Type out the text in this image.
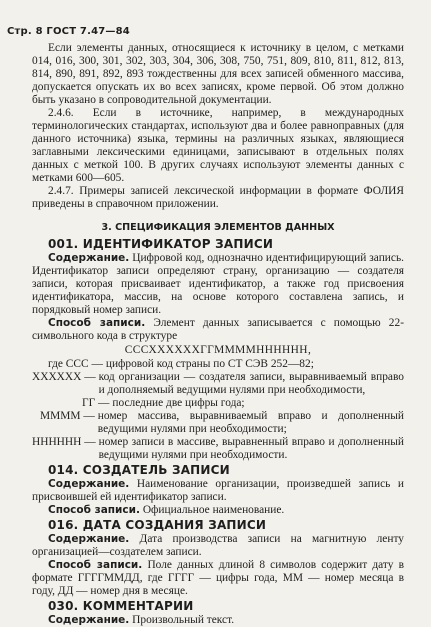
Стр. 8 ГОСТ 7.47—84

Если элементы данных, относящиеся к источнику в целом, с метками 014, 016, 300, 301, 302, 303, 304, 306, 308, 750, 751, 809, 810, 811, 812, 813, 814, 890, 891, 892, 893 тождественны для всех записей обменного массива, допускается опускать их во всех записях, кроме первой. Об этом должно быть указано в сопроводительной документации.

2.4.6. Если в источнике, например, в международных терминологических стандартах, используют два и более равноправных (для данного источника) языка, термины на различных языках, являющиеся заглавными лексическими единицами, записывают в отдельных полях данных с меткой 100. В других случаях используют элементы данных с метками 600—605.

2.4.7. Примеры записей лексической информации в формате ФОЛИЯ приведены в справочном приложении.

3. СПЕЦИФИКАЦИЯ ЭЛЕМЕНТОВ ДАННЫХ
001. ИДЕНТИФИКАТОР ЗАПИСИ

Содержание. Цифровой код, однозначно идентифицирующий запись. Идентификатор записи определяют страну, организацию — создателя записи, которая присваивает идентификатор, а также год присвоения идентификатора, массив, на основе которого составлена запись, и порядковый номер записи.

Способ записи. Элемент данных записывается с помощью 22-символьного кода в структуре

СССХХХХХХГГММММНННННН,
где ССС — цифровой код страны по СТ СЭВ 252—82;
ХХХХХХ — код организации — создателя записи, выравниваемый вправо и дополняемый ведущими нулями при необходимости,
ГГ — последние две цифры года;
ММММ — номер массива, выравниваемый вправо и дополненный ведущими нулями при необходимости;
НННННН — номер записи в массиве, выравненный вправо и дополненный ведущими нулями при необходимости.
014. СОЗДАТЕЛЬ ЗАПИСИ

Содержание. Наименование организации, произведшей запись и присвоившей ей идентификатор записи.

Способ записи. Официальное наименование.

016. ДАТА СОЗДАНИЯ ЗАПИСИ

Содержание. Дата производства записи на магнитную ленту организацией—создателем записи.

Способ записи. Поле данных длиной 8 символов содержит дату в формате ГГГГММДД, где ГГГГ — цифры года, ММ — номер месяца в году, ДД — номер дня в месяце.

030. КОММЕНТАРИИ

Содержание. Произвольный текст.
